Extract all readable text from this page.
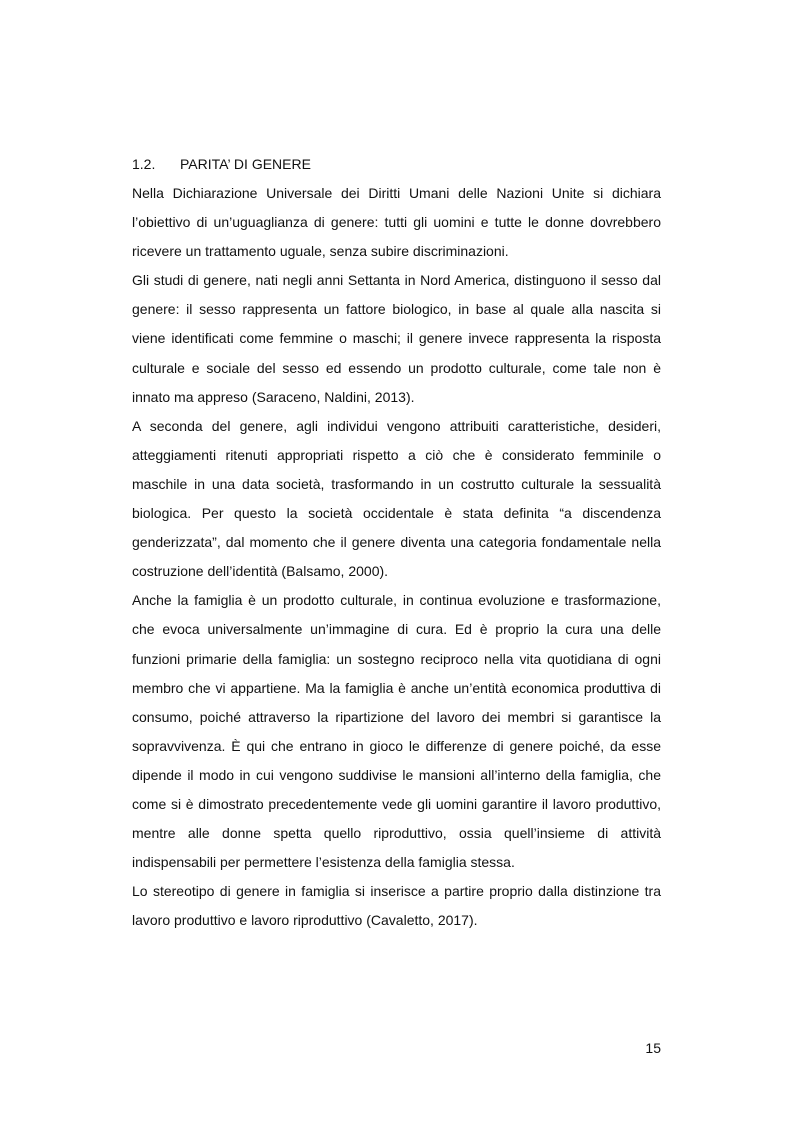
1.2.	PARITA’ DI GENERE

Nella Dichiarazione Universale dei Diritti Umani delle Nazioni Unite si dichiara l’obiettivo di un’uguaglianza di genere: tutti gli uomini e tutte le donne dovrebbero ricevere un trattamento uguale, senza subire discriminazioni.

Gli studi di genere, nati negli anni Settanta in Nord America, distinguono il sesso dal genere: il sesso rappresenta un fattore biologico, in base al quale alla nascita si viene identificati come femmine o maschi; il genere invece rappresenta la risposta culturale e sociale del sesso ed essendo un prodotto culturale, come tale non è innato ma appreso (Saraceno, Naldini, 2013).

A seconda del genere, agli individui vengono attribuiti caratteristiche, desideri, atteggiamenti ritenuti appropriati rispetto a ciò che è considerato femminile o maschile in una data società, trasformando in un costrutto culturale la sessualità biologica. Per questo la società occidentale è stata definita “a discendenza genderizzata”, dal momento che il genere diventa una categoria fondamentale nella costruzione dell’identità (Balsamo, 2000).

Anche la famiglia è un prodotto culturale, in continua evoluzione e trasformazione, che evoca universalmente un’immagine di cura. Ed è proprio la cura una delle funzioni primarie della famiglia: un sostegno reciproco nella vita quotidiana di ogni membro che vi appartiene. Ma la famiglia è anche un’entità economica produttiva di consumo, poiché attraverso la ripartizione del lavoro dei membri si garantisce la sopravvivenza. È qui che entrano in gioco le differenze di genere poiché, da esse dipende il modo in cui vengono suddivise le mansioni all’interno della famiglia, che come si è dimostrato precedentemente vede gli uomini garantire il lavoro produttivo, mentre alle donne spetta quello riproduttivo, ossia quell’insieme di attività indispensabili per permettere l’esistenza della famiglia stessa.

Lo stereotipo di genere in famiglia si inserisce a partire proprio dalla distinzione tra lavoro produttivo e lavoro riproduttivo (Cavaletto, 2017).

15
